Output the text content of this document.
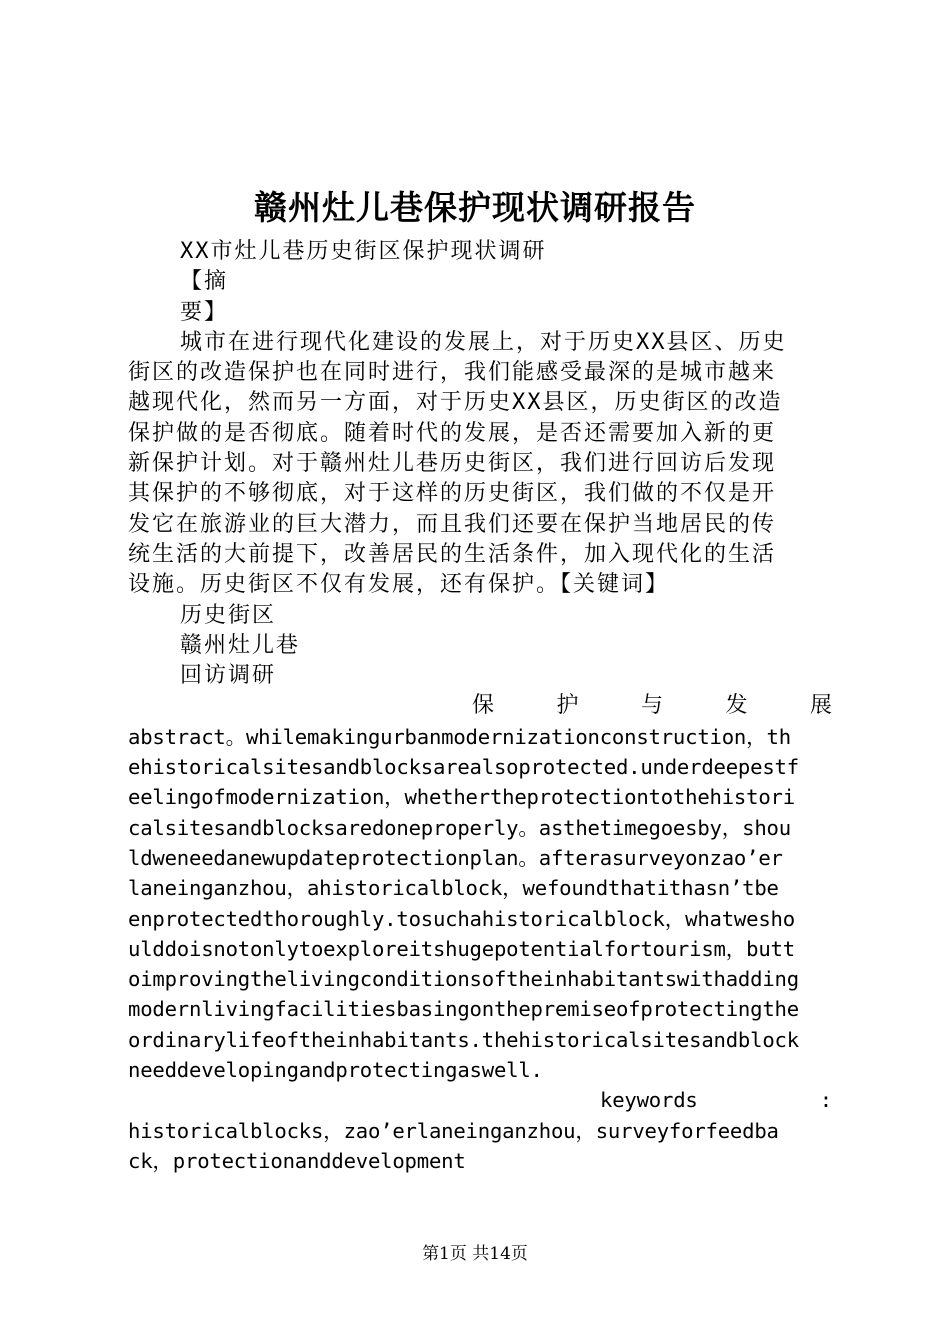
赣州灶儿巷保护现状调研报告
XX市灶儿巷历史街区保护现状调研
【摘
要】
城市在进行现代化建设的发展上，对于历史XX县区、历史
街区的改造保护也在同时进行，我们能感受最深的是城市越来
越现代化，然而另一方面，对于历史XX县区，历史街区的改造
保护做的是否彻底。随着时代的发展，是否还需要加入新的更
新保护计划。对于赣州灶儿巷历史街区，我们进行回访后发现
其保护的不够彻底，对于这样的历史街区，我们做的不仅是开
发它在旅游业的巨大潜力，而且我们还要在保护当地居民的传
统生活的大前提下，改善居民的生活条件，加入现代化的生活
设施。历史街区不仅有发展，还有保护。【关键词】
历史街区
赣州灶儿巷
回访调研
保	护	与	发	展
abstract。whilemakingurbanmodernizationconstruction，th
ehistoricalsitesandblocksarealsoprotected.underdeepestf
eelingofmodernization，whethertheprotectiontothehistori
calsitesandblocksaredoneproperly。asthetimegoesby，shou
ldweneedanewupdateprotectionplan。afterasurveyonzao’er
laneinganzhou，ahistoricalblock，wefoundthatithasn’tbe
enprotectedthoroughly.tosuchahistoricalblock，whatwesho
ulddoisnotonlytoexploreitshugepotentialfortourism，butt
oimprovingthelivingconditionsoftheinhabitantswithadding
modernlivingfacilitiesbasingonthepremiseofprotectingthe
ordinarylifeoftheinhabitants.thehistoricalsitesandblock
needdevelopingandprotectingaswell.
keywords	:
historicalblocks，zao’erlaneinganzhou，surveyforfeedba
ck，protectionanddevelopment
第1页 共14页
